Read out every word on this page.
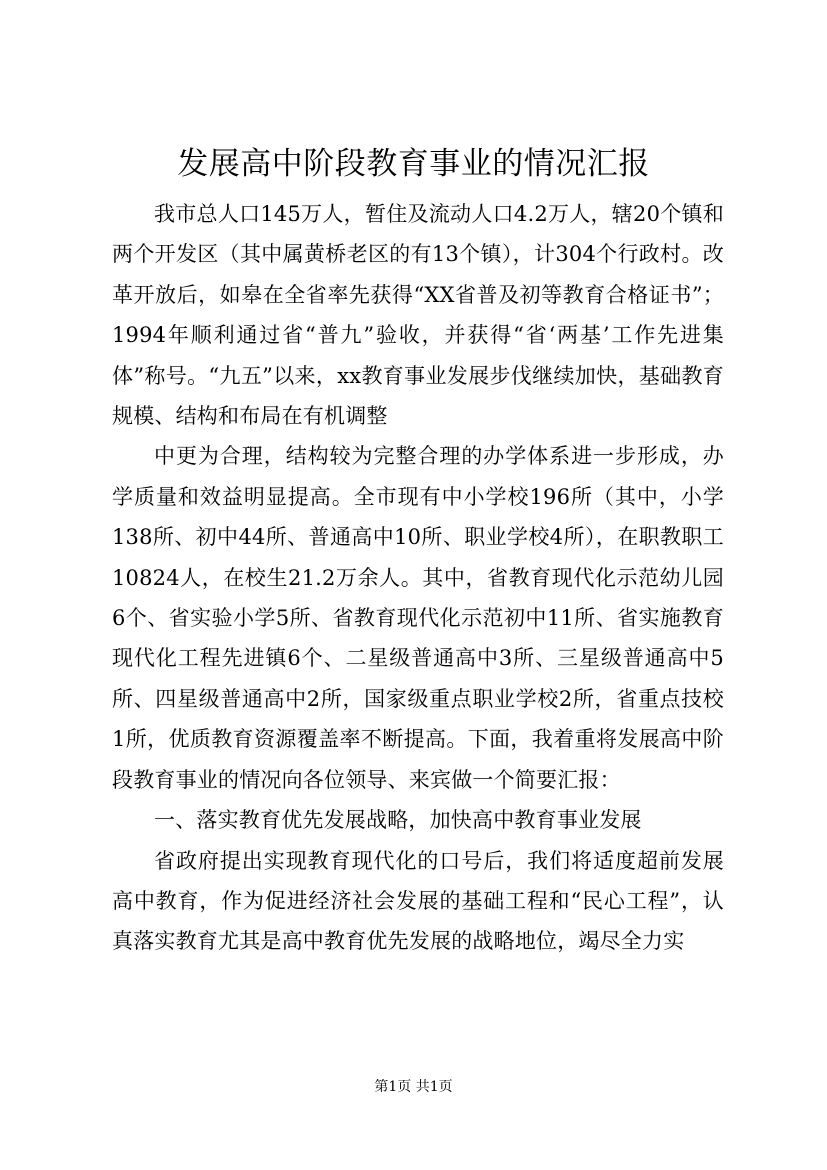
发展高中阶段教育事业的情况汇报

我市总人口145万人，暂住及流动人口4.2万人，辖20个镇和两个开发区（其中属黄桥老区的有13个镇），计304个行政村。改革开放后，如皋在全省率先获得“XX省普及初等教育合格证书”；1994年顺利通过省“普九”验收，并获得“省‘两基’工作先进集体”称号。“九五”以来，xx教育事业发展步伐继续加快，基础教育规模、结构和布局在有机调整

中更为合理，结构较为完整合理的办学体系进一步形成，办学质量和效益明显提高。全市现有中小学校196所（其中，小学138所、初中44所、普通高中10所、职业学校4所），在职教职工10824人，在校生21.2万余人。其中，省教育现代化示范幼儿园6个、省实验小学5所、省教育现代化示范初中11所、省实施教育现代化工程先进镇6个、二星级普通高中3所、三星级普通高中5所、四星级普通高中2所，国家级重点职业学校2所，省重点技校1所，优质教育资源覆盖率不断提高。下面，我着重将发展高中阶段教育事业的情况向各位领导、来宾做一个简要汇报：

一、落实教育优先发展战略，加快高中教育事业发展

省政府提出实现教育现代化的口号后，我们将适度超前发展高中教育，作为促进经济社会发展的基础工程和“民心工程”，认真落实教育尤其是高中教育优先发展的战略地位，竭尽全力实

第1页 共1页
